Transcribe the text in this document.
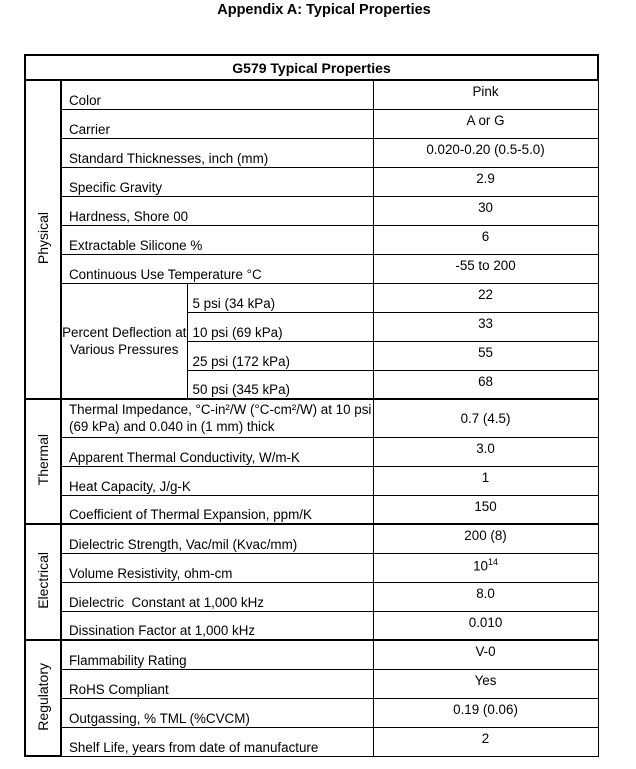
Appendix A: Typical Properties
G579 Typical Properties			
Physical	Color		Pink
	Carrier		A or G
	Standard Thicknesses, inch (mm)		0.020-0.20 (0.5-5.0)
	Specific Gravity		2.9
	Hardness, Shore 00		30
	Extractable Silicone %		6
	Continuous Use Temperature °C		-55 to 200
	Percent Deflection at Various Pressures	5 psi (34 kPa)	22
		10 psi (69 kPa)	33
		25 psi (172 kPa)	55
		50 psi (345 kPa)	68
Thermal	Thermal Impedance, °C-in²/W (°C-cm²/W) at 10 psi (69 kPa) and 0.040 in (1 mm) thick		0.7 (4.5)
	Apparent Thermal Conductivity, W/m-K		3.0
	Heat Capacity, J/g-K		1
	Coefficient of Thermal Expansion, ppm/K		150
Electrical	Dielectric Strength, Vac/mil (Kvac/mm)		200 (8)
	Volume Resistivity, ohm-cm		$10^{14}$
	Dielectric  Constant at 1,000 kHz		8.0
	Dissination Factor at 1,000 kHz		0.010
Regulatory	Flammability Rating		V-0
	RoHS Compliant		Yes
	Outgassing, % TML (%CVCM)		0.19 (0.06)
	Shelf Life, years from date of manufacture		2
